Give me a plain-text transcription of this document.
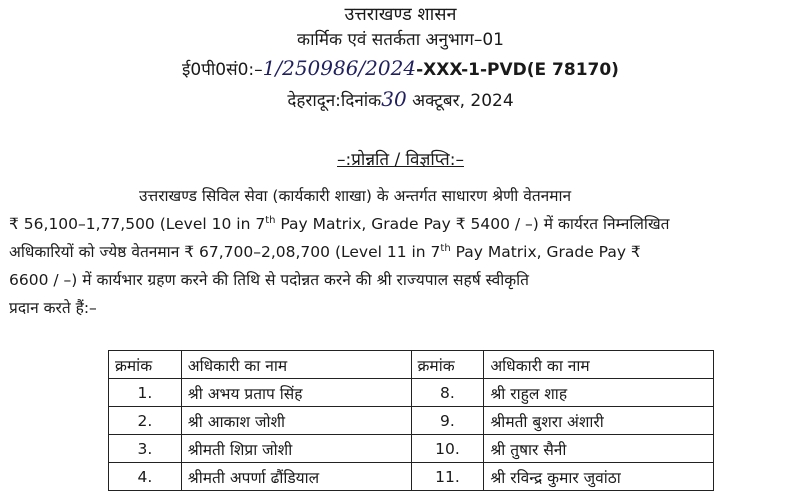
उत्तराखण्ड शासन
कार्मिक एवं सतर्कता अनुभाग–01
ई0पी0सं0:–1/250986/2024-XXX-1-PVD(E 78170)
देहरादून:दिनांक30 अक्टूबर, 2024
–:प्रोन्नति / विज्ञप्ति:–
उत्तराखण्ड सिविल सेवा (कार्यकारी शाखा) के अन्तर्गत साधारण श्रेणी वेतनमान
₹ 56,100–1,77,500 (Level 10 in 7th Pay Matrix, Grade Pay ₹ 5400 / –) में कार्यरत निम्नलिखित
अधिकारियों को ज्येष्ठ वेतनमान ₹ 67,700–2,08,700 (Level 11 in 7th Pay Matrix, Grade Pay ₹
6600 / –) में कार्यभार ग्रहण करने की तिथि से पदोन्नत करने की श्री राज्यपाल सहर्ष स्वीकृति
प्रदान करते हैं:–
क्रमांक	अधिकारी का नाम	क्रमांक	अधिकारी का नाम
1.	श्री अभय प्रताप सिंह	8.	श्री राहुल शाह
2.	श्री आकाश जोशी	9.	श्रीमती बुशरा अंशारी
3.	श्रीमती शिप्रा जोशी	10.	श्री तुषार सैनी
4.	श्रीमती अपर्णा ढौंडियाल	11.	श्री रविन्द्र कुमार जुवांठा
